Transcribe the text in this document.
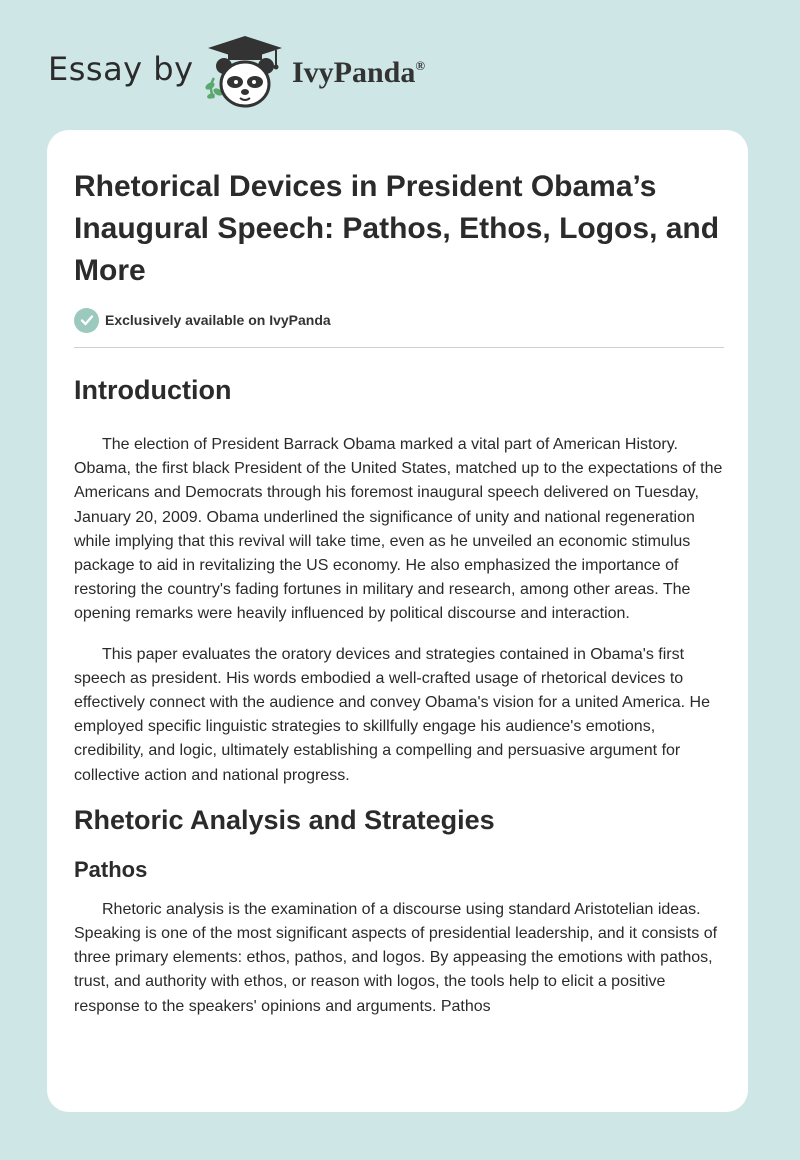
Essay by	IvyPanda®
Rhetorical Devices in President Obama’s Inaugural Speech: Pathos, Ethos, Logos, and More
Exclusively available on IvyPanda
Introduction

The election of President Barrack Obama marked a vital part of American History. Obama, the first black President of the United States, matched up to the expectations of the Americans and Democrats through his foremost inaugural speech delivered on Tuesday, January 20, 2009. Obama underlined the significance of unity and national regeneration while implying that this revival will take time, even as he unveiled an economic stimulus package to aid in revitalizing the US economy. He also emphasized the importance of restoring the country's fading fortunes in military and research, among other areas. The opening remarks were heavily influenced by political discourse and interaction.

This paper evaluates the oratory devices and strategies contained in Obama's first speech as president. His words embodied a well-crafted usage of rhetorical devices to effectively connect with the audience and convey Obama's vision for a united America. He employed specific linguistic strategies to skillfully engage his audience's emotions, credibility, and logic, ultimately establishing a compelling and persuasive argument for collective action and national progress.

Rhetoric Analysis and Strategies
Pathos

Rhetoric analysis is the examination of a discourse using standard Aristotelian ideas. Speaking is one of the most significant aspects of presidential leadership, and it consists of three primary elements: ethos, pathos, and logos. By appeasing the emotions with pathos, trust, and authority with ethos, or reason with logos, the tools help to elicit a positive response to the speakers' opinions and arguments. Pathos
